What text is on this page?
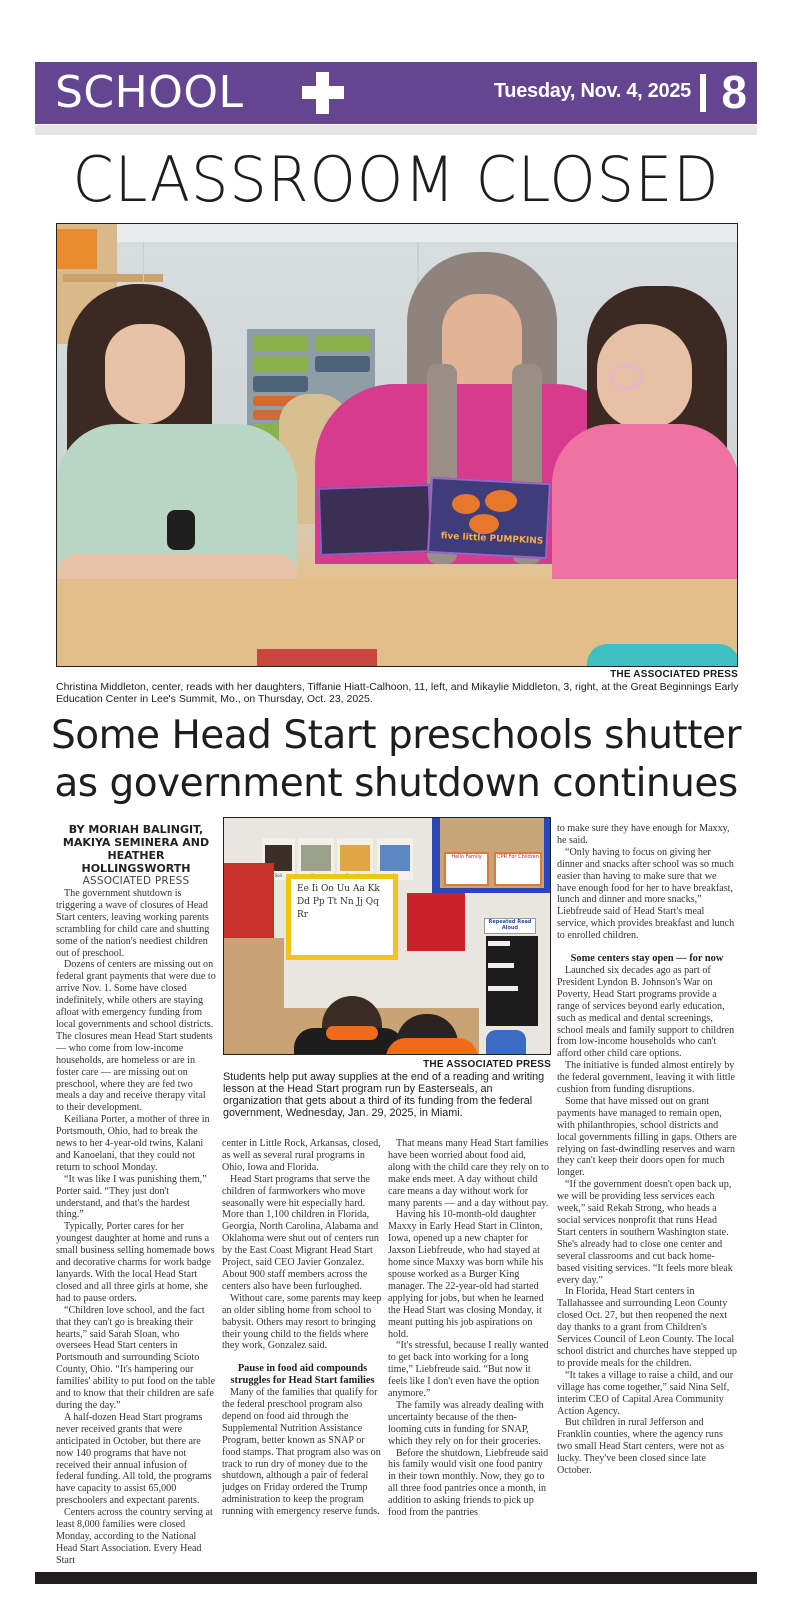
SCHOOL	Tuesday, Nov. 4, 2025 8
CLASSROOM CLOSED
five little PUMPKINS
THE ASSOCIATED PRESS
Christina Middleton, center, reads with her daughters, Tiffanie Hiatt-Calhoon, 11, left, and Mikaylie Middleton, 3, right, at the Great Beginnings Early Education Center in Lee's Summit, Mo., on Thursday, Oct. 23, 2025.
Some Head Start preschools shutter
as government shutdown continues
BY MORIAH BALINGIT, MAKIYA SEMINERA AND HEATHER HOLLINGSWORTH
ASSOCIATED PRESS	Soil
Hello Family	CPR For Children
Ee Ii Oo Uu Aa Kk Dd Pp Tt Nn Jj Qq Rr
Repeated Read Aloud
THE ASSOCIATED PRESS
Students help put away supplies at the end of a reading and writing lesson at the Head Start program run by Easterseals, an organization that gets about a third of its funding from the federal government, Wednesday, Jan. 29, 2025, in Miami.

The government shutdown is triggering a wave of closures of Head Start centers, leaving working parents scrambling for child care and shutting some of the nation's neediest children out of preschool.

Dozens of centers are missing out on federal grant payments that were due to arrive Nov. 1. Some have closed indefinitely, while others are staying afloat with emergency funding from local governments and school districts. The closures mean Head Start students — who come from low-income households, are homeless or are in foster care — are missing out on preschool, where they are fed two meals a day and receive therapy vital to their development.

Keiliana Porter, a mother of three in Portsmouth, Ohio, had to break the news to her 4-year-old twins, Kalani and Kanoelani, that they could not return to school Monday.

“It was like I was punishing them,” Porter said. “They just don't understand, and that's the hardest thing.”

Typically, Porter cares for her youngest daughter at home and runs a small business selling homemade bows and decorative charms for work badge lanyards. With the local Head Start closed and all three girls at home, she had to pause orders.

“Children love school, and the fact that they can't go is breaking their hearts,” said Sarah Sloan, who oversees Head Start centers in Portsmouth and surrounding Scioto County, Ohio. “It's hampering our families' ability to put food on the table and to know that their children are safe during the day.”

A half-dozen Head Start programs never received grants that were anticipated in October, but there are now 140 programs that have not received their annual infusion of federal funding. All told, the programs have capacity to assist 65,000 preschoolers and expectant parents.

Centers across the country serving at least 8,000 families were closed Monday, according to the National Head Start Association. Every Head Start

center in Little Rock, Arkansas, closed, as well as several rural programs in Ohio, Iowa and Florida.

Head Start programs that serve the children of farmworkers who move seasonally were hit especially hard. More than 1,100 children in Florida, Georgia, North Carolina, Alabama and Oklahoma were shut out of centers run by the East Coast Migrant Head Start Project, said CEO Javier Gonzalez. About 900 staff members across the centers also have been furloughed.

Without care, some parents may keep an older sibling home from school to babysit. Others may resort to bringing their young child to the fields where they work, Gonzalez said.

Pause in food aid compounds struggles for Head Start families

Many of the families that qualify for the federal preschool program also depend on food aid through the Supplemental Nutrition Assistance Program, better known as SNAP or food stamps. That program also was on track to run dry of money due to the shutdown, although a pair of federal judges on Friday ordered the Trump administration to keep the program running with emergency reserve funds.

That means many Head Start families have been worried about food aid, along with the child care they rely on to make ends meet. A day without child care means a day without work for many parents — and a day without pay.

Having his 10-month-old daughter Maxxy in Early Head Start in Clinton, Iowa, opened up a new chapter for Jaxson Liebfreude, who had stayed at home since Maxxy was born while his spouse worked as a Burger King manager. The 22-year-old had started applying for jobs, but when he learned the Head Start was closing Monday, it meant putting his job aspirations on hold.

“It's stressful, because I really wanted to get back into working for a long time,” Liebfreude said. “But now it feels like I don't even have the option anymore.”

The family was already dealing with uncertainty because of the then-looming cuts in funding for SNAP, which they rely on for their groceries.

Before the shutdown, Liebfreude said his family would visit one food pantry in their town monthly. Now, they go to all three food pantries once a month, in addition to asking friends to pick up food from the pantries

to make sure they have enough for Maxxy, he said.

“Only having to focus on giving her dinner and snacks after school was so much easier than having to make sure that we have enough food for her to have breakfast, lunch and dinner and more snacks,” Liebfreude said of Head Start's meal service, which provides breakfast and lunch to enrolled children.

Some centers stay open — for now

Launched six decades ago as part of President Lyndon B. Johnson's War on Poverty, Head Start programs provide a range of services beyond early education, such as medical and dental screenings, school meals and family support to children from low-income households who can't afford other child care options.

The initiative is funded almost entirely by the federal government, leaving it with little cushion from funding disruptions.

Some that have missed out on grant payments have managed to remain open, with philanthropies, school districts and local governments filling in gaps. Others are relying on fast-dwindling reserves and warn they can't keep their doors open for much longer.

“If the government doesn't open back up, we will be providing less services each week,” said Rekah Strong, who heads a social services nonprofit that runs Head Start centers in southern Washington state. She's already had to close one center and several classrooms and cut back home-based visiting services. “It feels more bleak every day.”

In Florida, Head Start centers in Tallahassee and surrounding Leon County closed Oct. 27, but then reopened the next day thanks to a grant from Children's Services Council of Leon County. The local school district and churches have stepped up to provide meals for the children.

“It takes a village to raise a child, and our village has come together,” said Nina Self, interim CEO of Capital Area Community Action Agency.

But children in rural Jefferson and Franklin counties, where the agency runs two small Head Start centers, were not as lucky. They've been closed since late October.
